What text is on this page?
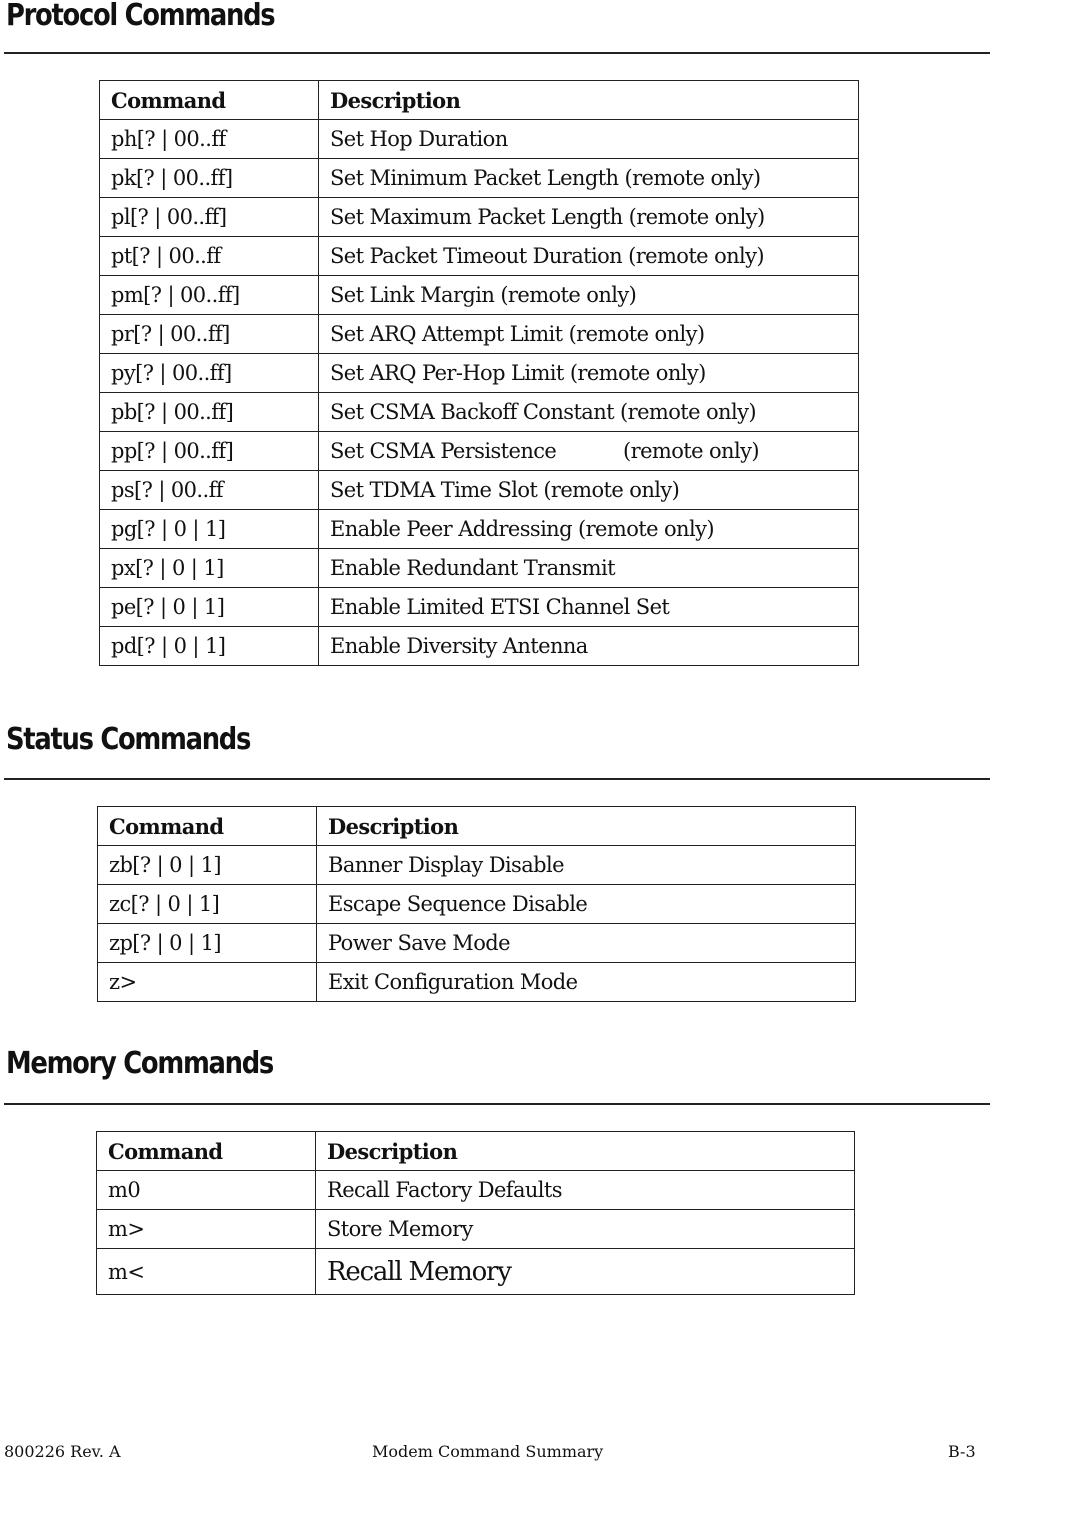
Protocol Commands
Command	Description
ph[? | 00..ff	Set Hop Duration
pk[? | 00..ff]	Set Minimum Packet Length (remote only)
pl[? | 00..ff]	Set Maximum Packet Length (remote only)
pt[? | 00..ff	Set Packet Timeout Duration (remote only)
pm[? | 00..ff]	Set Link Margin (remote only)
pr[? | 00..ff]	Set ARQ Attempt Limit (remote only)
py[? | 00..ff]	Set ARQ Per-Hop Limit (remote only)
pb[? | 00..ff]	Set CSMA Backoff Constant (remote only)
pp[? | 00..ff]	Set CSMA Persistence           (remote only)
ps[? | 00..ff	Set TDMA Time Slot (remote only)
pg[? | 0 | 1]	Enable Peer Addressing (remote only)
px[? | 0 | 1]	Enable Redundant Transmit
pe[? | 0 | 1]	Enable Limited ETSI Channel Set
pd[? | 0 | 1]	Enable Diversity Antenna
Status Commands
Command	Description
zb[? | 0 | 1]	Banner Display Disable
zc[? | 0 | 1]	Escape Sequence Disable
zp[? | 0 | 1]	Power Save Mode
z>	Exit Configuration Mode
Memory Commands
Command	Description
m0	Recall Factory Defaults
m>	Store Memory
m<	Recall Memory
800226 Rev. A	Modem Command Summary	B-3
